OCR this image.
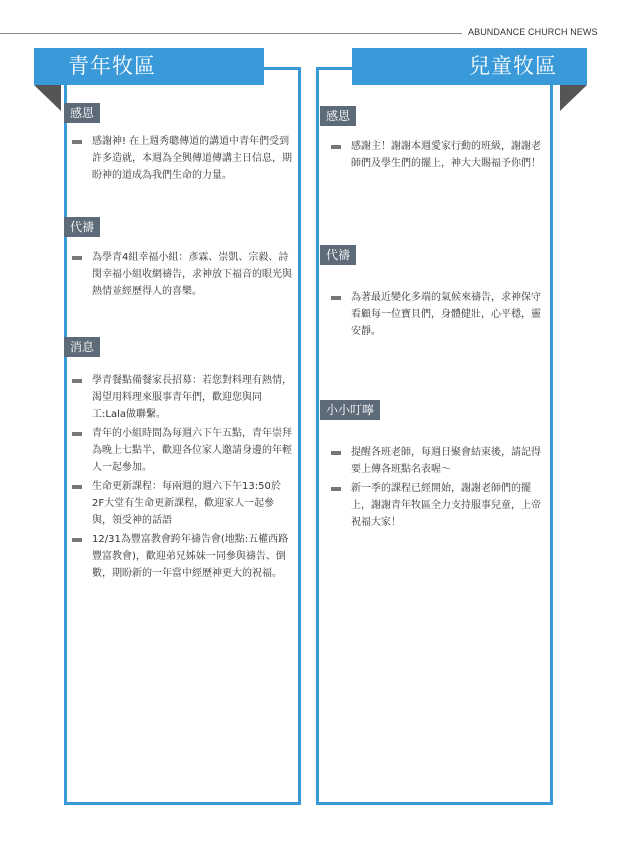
ABUNDANCE CHURCH NEWS
青年牧區
感恩
感謝神! 在上週秀聰傳道的講道中青年們受到許多造就，本週為全興傳道傳講主日信息，期盼神的道成為我們生命的力量。
代禱
為學青4組幸福小組：彥霖、崇凱、宗毅、詩閔幸福小組收網禱告，求神放下福音的眼光與熱情並經歷得人的喜樂。
消息
學青餐點備餐家長招募：若您對料理有熱情，渴望用料理來服事青年們，歡迎您與同工:Lala做聯繫。
青年的小組時間為每週六下午五點，青年崇拜為晚上七點半，歡迎各位家人邀請身邊的年輕人一起參加。
生命更新課程：每兩週的週六下午13:50於2F大堂有生命更新課程，歡迎家人一起參與，領受神的話語
12/31為豐富教會跨年禱告會(地點:五權西路豐富教會)，歡迎弟兄姊妹一同參與禱告、倒數，期盼新的一年當中經歷神更大的祝福。
兒童牧區
感恩
感謝主！謝謝本週愛家行動的班級，謝謝老師們及學生們的擺上，神大大賜福予你們！
代禱
為著最近變化多端的氣候來禱告，求神保守看顧每一位寶貝們，身體健壯，心平穩，靈安靜。
小小叮嚀
提醒各班老師，每週日聚會結束後，請記得要上傳各班點名表喔～
新一季的課程已經開始，謝謝老師們的擺上，謝謝青年牧區全力支持服事兒童，上帝祝福大家！
